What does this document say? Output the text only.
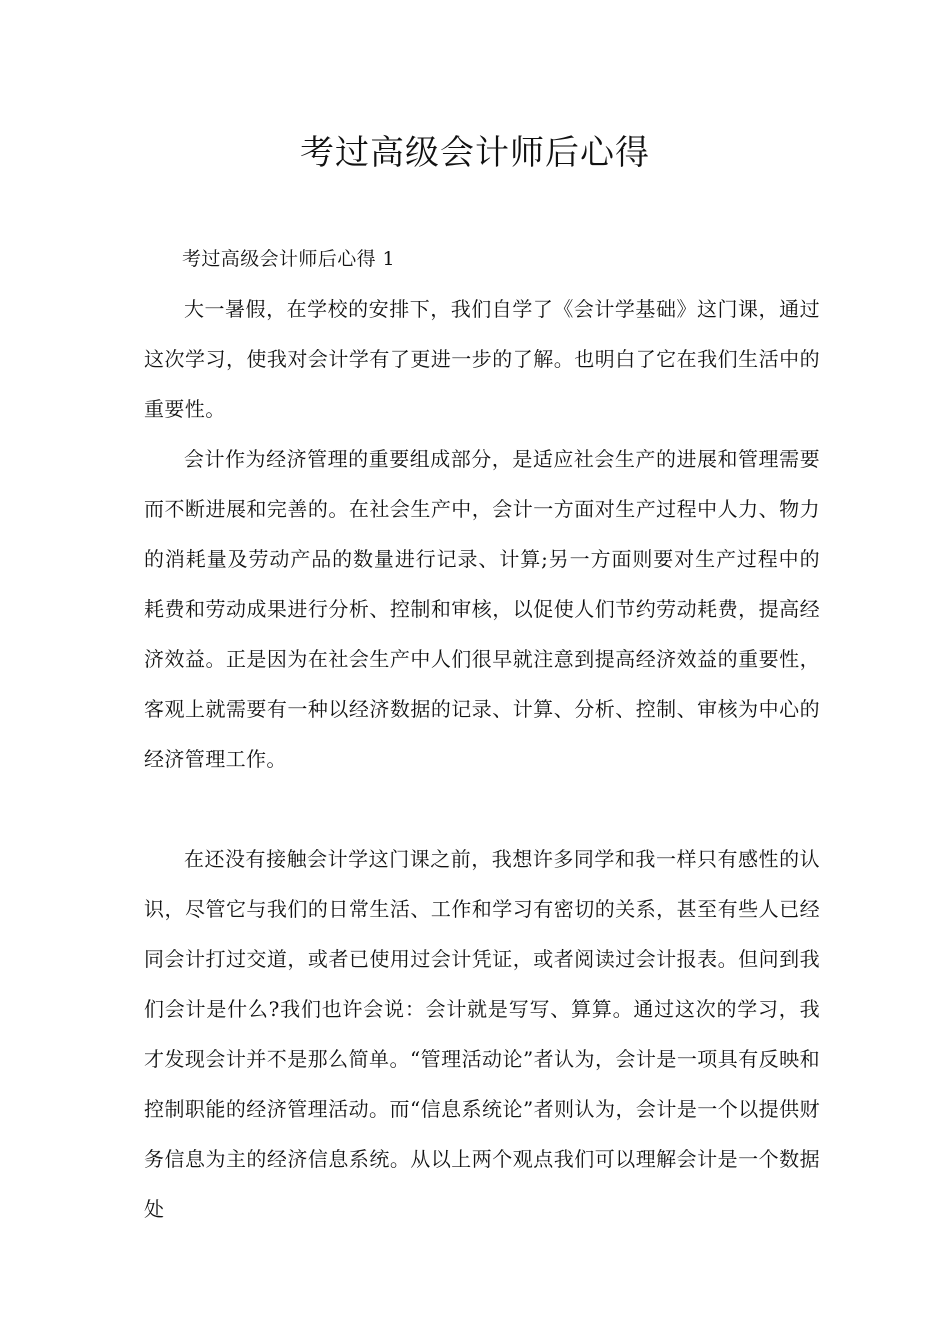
考过高级会计师后心得

考过高级会计师后心得 1

大一暑假，在学校的安排下，我们自学了《会计学基础》这门课，通过这次学习，使我对会计学有了更进一步的了解。也明白了它在我们生活中的重要性。

会计作为经济管理的重要组成部分，是适应社会生产的进展和管理需要而不断进展和完善的。在社会生产中，会计一方面对生产过程中人力、物力的消耗量及劳动产品的数量进行记录、计算;另一方面则要对生产过程中的耗费和劳动成果进行分析、控制和审核，以促使人们节约劳动耗费，提高经济效益。正是因为在社会生产中人们很早就注意到提高经济效益的重要性，客观上就需要有一种以经济数据的记录、计算、分析、控制、审核为中心的经济管理工作。

在还没有接触会计学这门课之前，我想许多同学和我一样只有感性的认识，尽管它与我们的日常生活、工作和学习有密切的关系，甚至有些人已经同会计打过交道，或者已使用过会计凭证，或者阅读过会计报表。但问到我们会计是什么?我们也许会说：会计就是写写、算算。通过这次的学习，我才发现会计并不是那么简单。“管理活动论”者认为，会计是一项具有反映和控制职能的经济管理活动。而“信息系统论”者则认为，会计是一个以提供财务信息为主的经济信息系统。从以上两个观点我们可以理解会计是一个数据处
